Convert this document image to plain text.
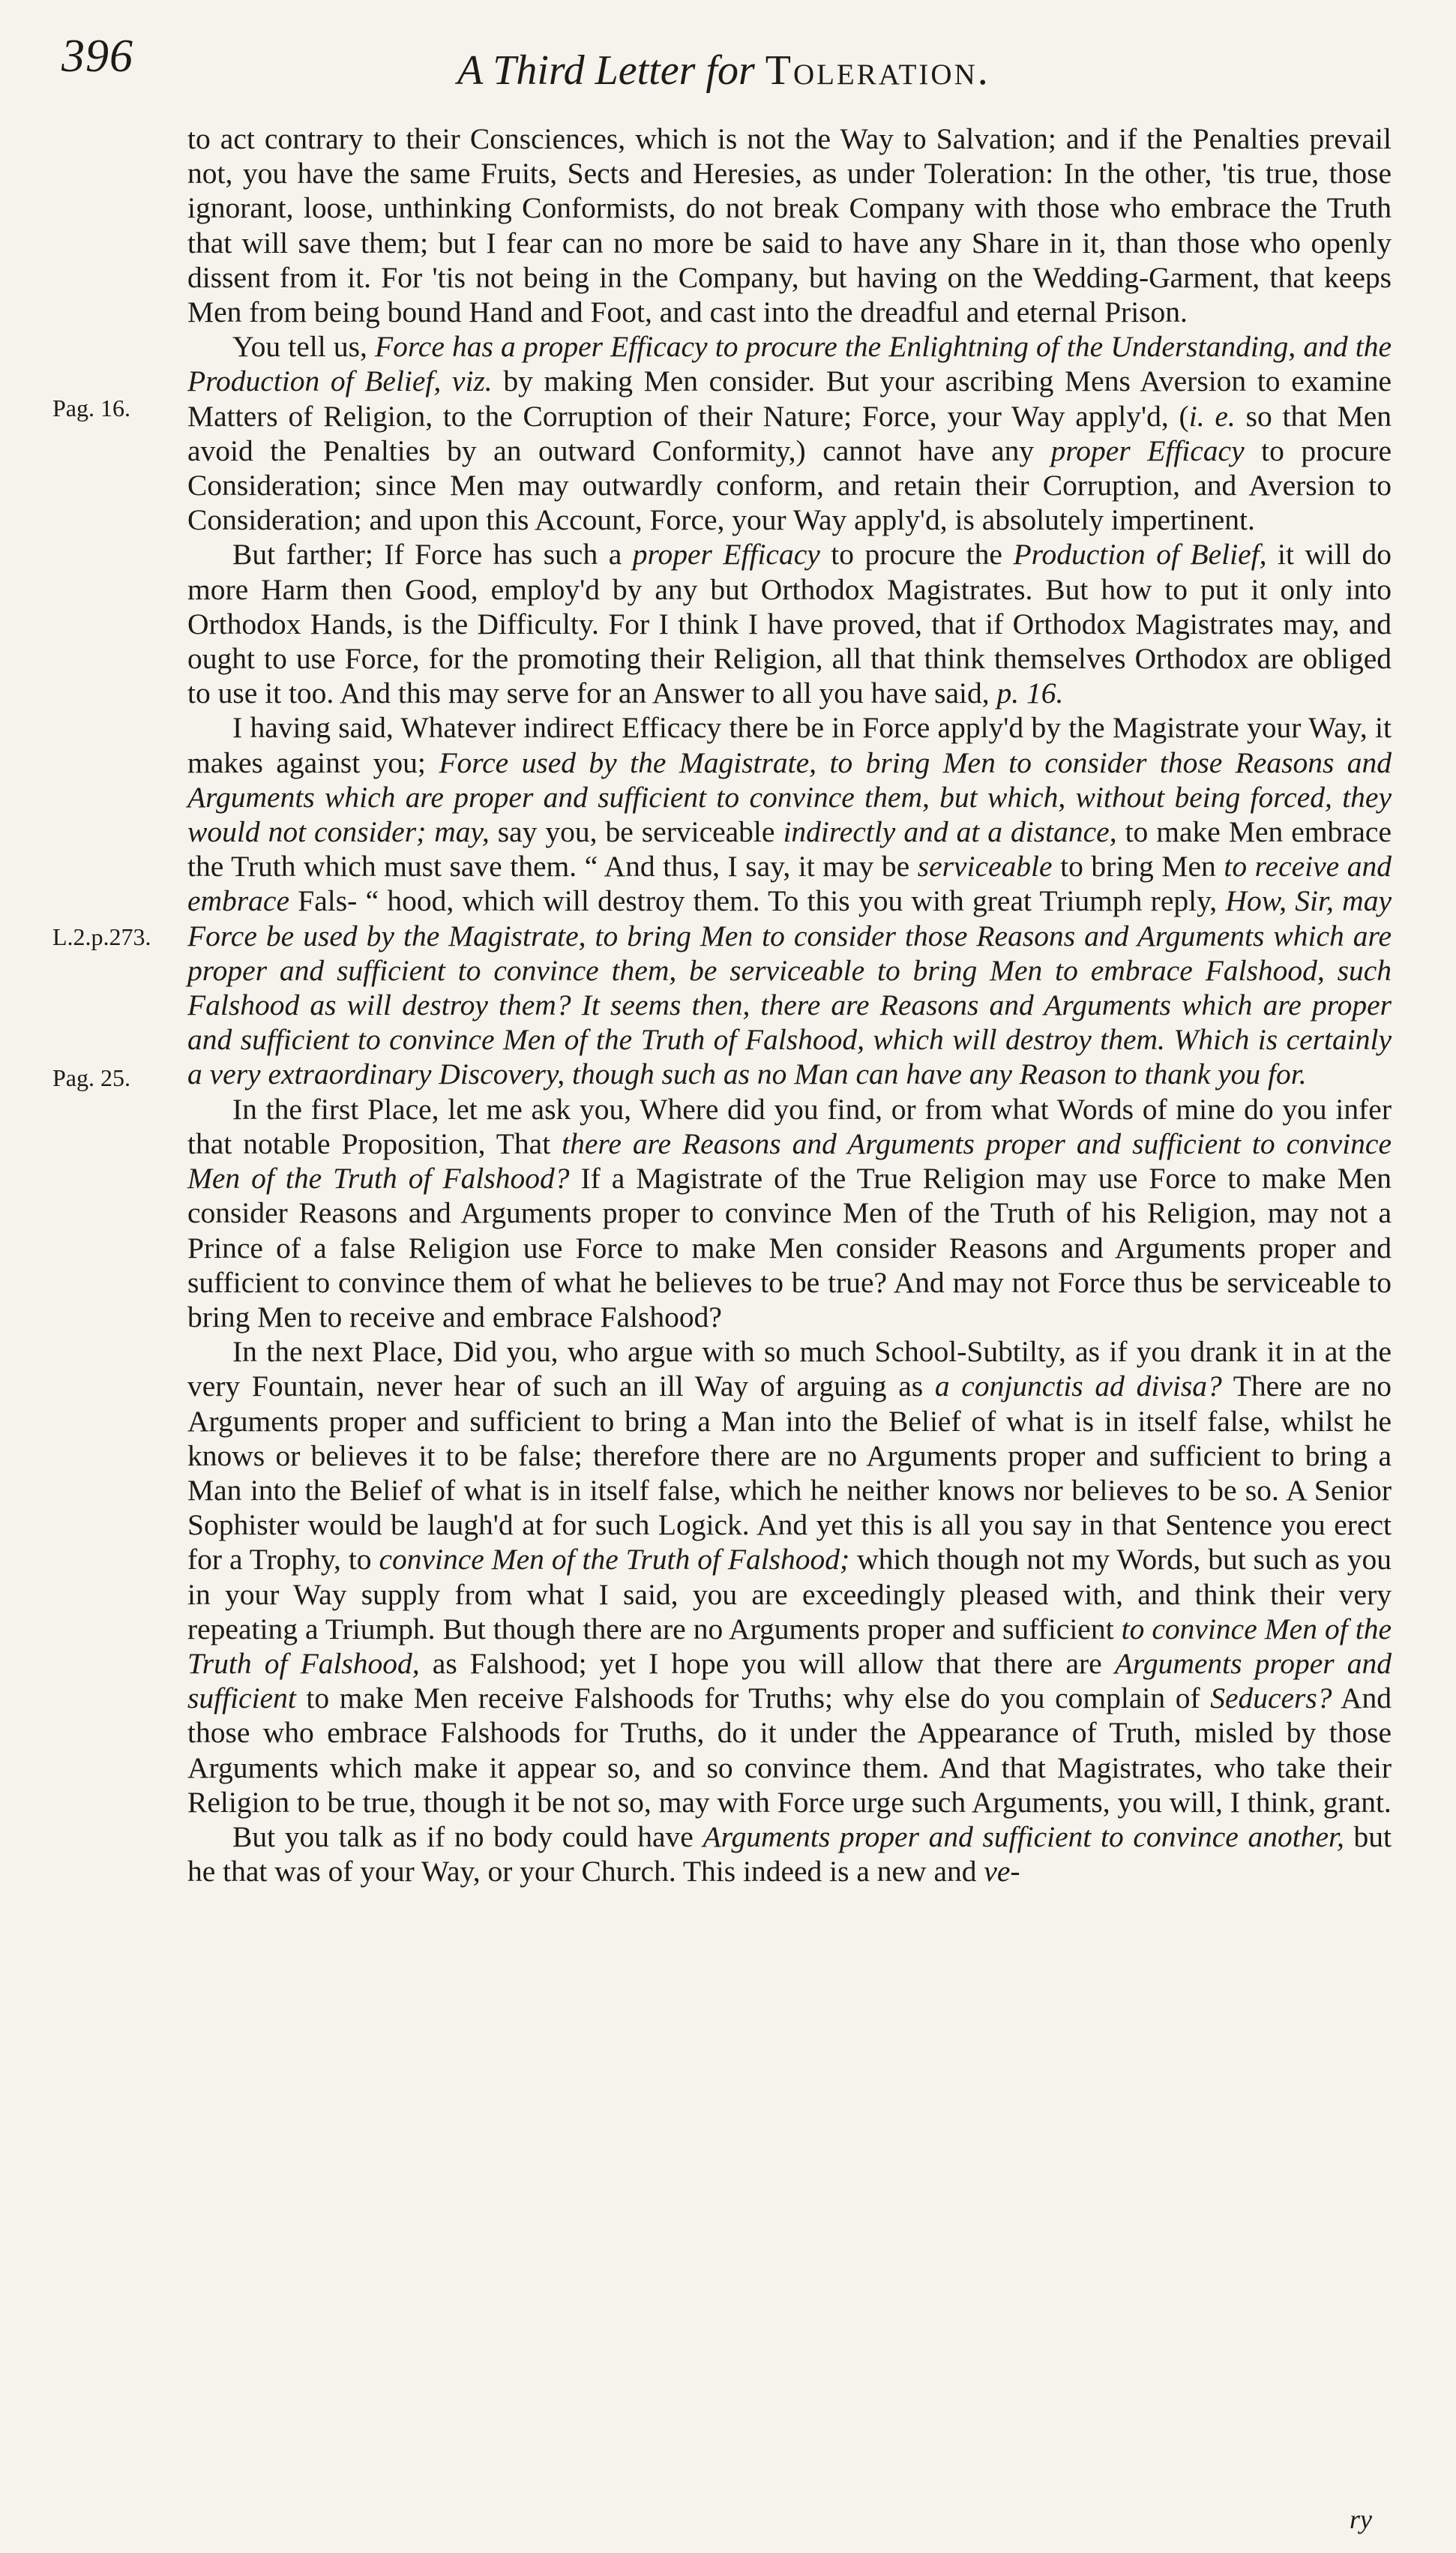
396	A Third Letter for Toleration.
Pag. 16.
L.2.p.273.
Pag. 25.

to act contrary to their Consciences, which is not the Way to Salvation; and if the Penalties prevail not, you have the same Fruits, Sects and Heresies, as under Toleration: In the other, 'tis true, those ignorant, loose, unthinking Conformists, do not break Company with those who embrace the Truth that will save them; but I fear can no more be said to have any Share in it, than those who openly dissent from it. For 'tis not being in the Company, but having on the Wedding-Garment, that keeps Men from being bound Hand and Foot, and cast into the dreadful and eternal Prison.

You tell us, Force has a proper Efficacy to procure the Enlightning of the Understanding, and the Production of Belief, viz. by making Men consider. But your ascribing Mens Aversion to examine Matters of Religion, to the Corruption of their Nature; Force, your Way apply'd, (i. e. so that Men avoid the Penalties by an outward Conformity,) cannot have any proper Efficacy to procure Consideration; since Men may outwardly conform, and retain their Corruption, and Aversion to Consideration; and upon this Account, Force, your Way apply'd, is absolutely impertinent.

But farther; If Force has such a proper Efficacy to procure the Production of Belief, it will do more Harm then Good, employ'd by any but Orthodox Magistrates. But how to put it only into Orthodox Hands, is the Difficulty. For I think I have proved, that if Orthodox Magistrates may, and ought to use Force, for the promoting their Religion, all that think themselves Orthodox are obliged to use it too. And this may serve for an Answer to all you have said, p. 16.

I having said, Whatever indirect Efficacy there be in Force apply'd by the Magistrate your Way, it makes against you; Force used by the Magistrate, to bring Men to consider those Reasons and Arguments which are proper and sufficient to convince them, but which, without being forced, they would not consider; may, say you, be serviceable indirectly and at a distance, to make Men embrace the Truth which must save them. “ And thus, I say, it may be serviceable to bring Men to receive and embrace Fals- “ hood, which will destroy them. To this you with great Triumph reply, How, Sir, may Force be used by the Magistrate, to bring Men to consider those Reasons and Arguments which are proper and sufficient to convince them, be serviceable to bring Men to embrace Falshood, such Falshood as will destroy them? It seems then, there are Reasons and Arguments which are proper and sufficient to convince Men of the Truth of Falshood, which will destroy them. Which is certainly a very extraordinary Discovery, though such as no Man can have any Reason to thank you for.

In the first Place, let me ask you, Where did you find, or from what Words of mine do you infer that notable Proposition, That there are Reasons and Arguments proper and sufficient to convince Men of the Truth of Falshood? If a Magistrate of the True Religion may use Force to make Men consider Reasons and Arguments proper to convince Men of the Truth of his Religion, may not a Prince of a false Religion use Force to make Men consider Reasons and Arguments proper and sufficient to convince them of what he believes to be true? And may not Force thus be serviceable to bring Men to receive and embrace Falshood?

In the next Place, Did you, who argue with so much School-Subtilty, as if you drank it in at the very Fountain, never hear of such an ill Way of arguing as a conjunctis ad divisa? There are no Arguments proper and sufficient to bring a Man into the Belief of what is in itself false, whilst he knows or believes it to be false; therefore there are no Arguments proper and sufficient to bring a Man into the Belief of what is in itself false, which he neither knows nor believes to be so. A Senior Sophister would be laugh'd at for such Logick. And yet this is all you say in that Sentence you erect for a Trophy, to convince Men of the Truth of Falshood; which though not my Words, but such as you in your Way supply from what I said, you are exceedingly pleased with, and think their very repeating a Triumph. But though there are no Arguments proper and sufficient to convince Men of the Truth of Falshood, as Falshood; yet I hope you will allow that there are Arguments proper and sufficient to make Men receive Falshoods for Truths; why else do you complain of Seducers? And those who embrace Falshoods for Truths, do it under the Appearance of Truth, misled by those Arguments which make it appear so, and so convince them. And that Magistrates, who take their Religion to be true, though it be not so, may with Force urge such Arguments, you will, I think, grant.

But you talk as if no body could have Arguments proper and sufficient to convince another, but he that was of your Way, or your Church. This indeed is a new and ve-

ry
